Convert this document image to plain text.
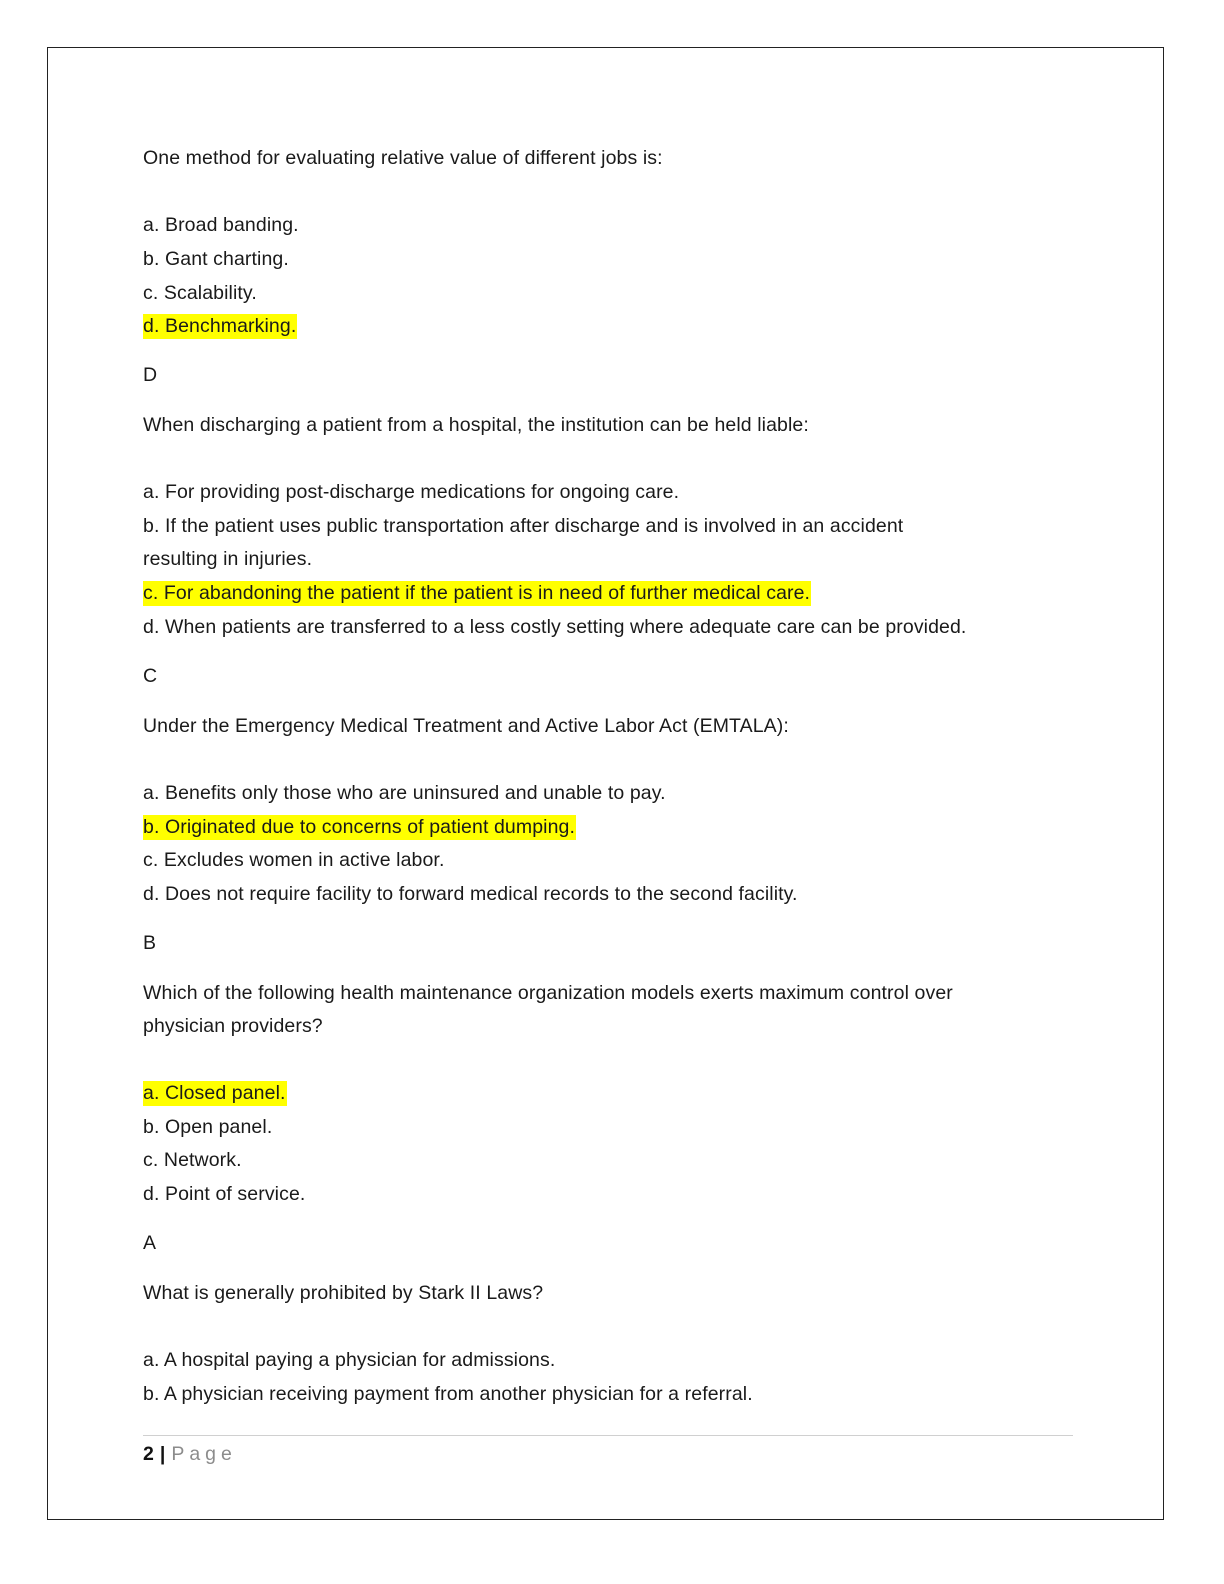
One method for evaluating relative value of different jobs is:
a. Broad banding.
b. Gant charting.
c. Scalability.
d. Benchmarking.
D
When discharging a patient from a hospital, the institution can be held liable:
a. For providing post-discharge medications for ongoing care.
b. If the patient uses public transportation after discharge and is involved in an accident
resulting in injuries.
c. For abandoning the patient if the patient is in need of further medical care.
d. When patients are transferred to a less costly setting where adequate care can be provided.
C
Under the Emergency Medical Treatment and Active Labor Act (EMTALA):
a. Benefits only those who are uninsured and unable to pay.
b. Originated due to concerns of patient dumping.
c. Excludes women in active labor.
d. Does not require facility to forward medical records to the second facility.
B
Which of the following health maintenance organization models exerts maximum control over
physician providers?
a. Closed panel.
b. Open panel.
c. Network.
d. Point of service.
A
What is generally prohibited by Stark II Laws?
a. A hospital paying a physician for admissions.
b. A physician receiving payment from another physician for a referral.
2 | Page
